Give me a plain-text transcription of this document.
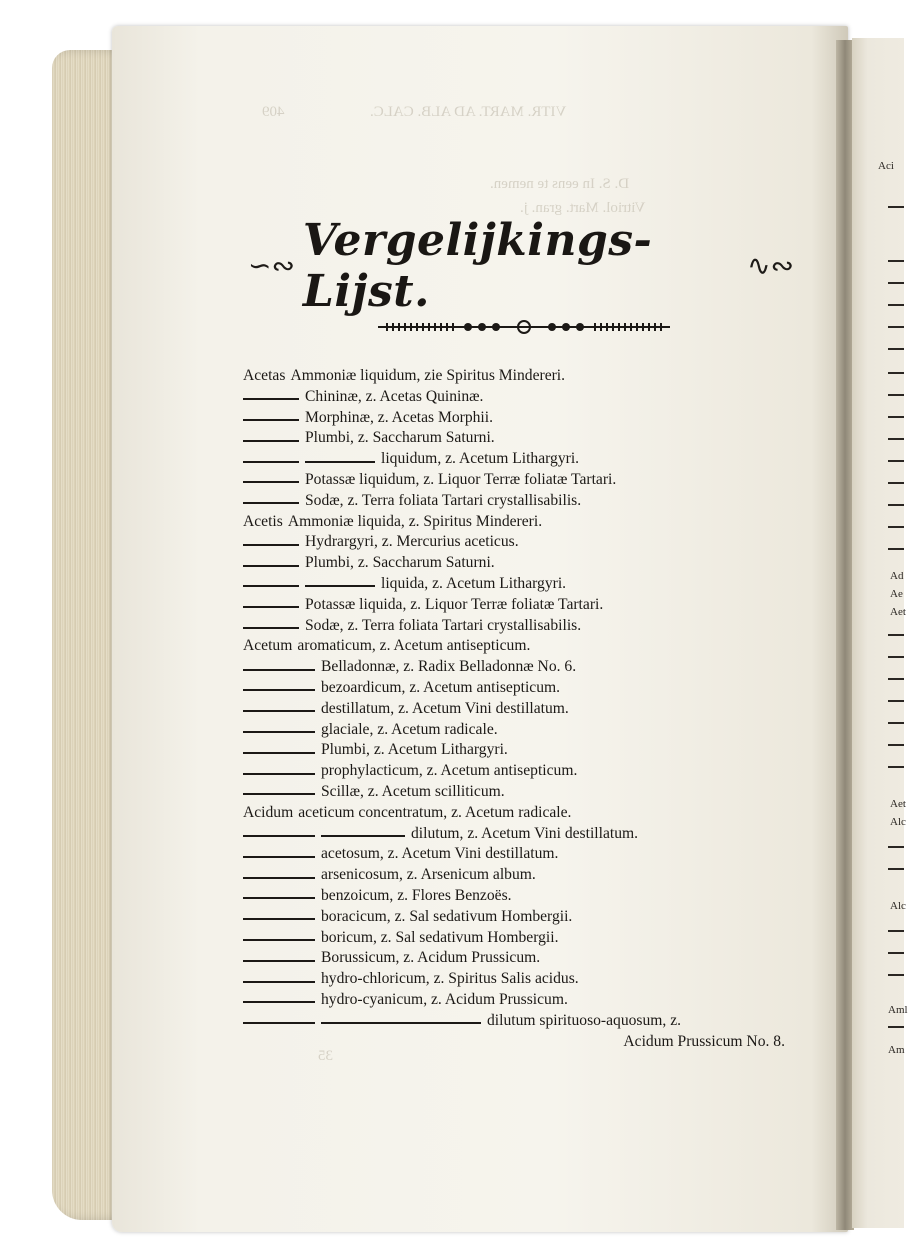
VITR. MART. AD ALB. CALC.
409
D. S. In eens te nemen.
Vitriol. Mart. gran. j.
35
Aci
Ad
Ae
Aet
Aet
Alc
Alc
Aml
Am
∽∾
Vergelijkings-Lijst.	∿∾
Acetas Ammoniæ liquidum, zie Spiritus Mindereri.
Chininæ, z. Acetas Quininæ.
Morphinæ, z. Acetas Morphii.
Plumbi, z. Saccharum Saturni.
liquidum, z. Acetum Lithargyri.
Potassæ liquidum, z. Liquor Terræ foliatæ Tartari.
Sodæ, z. Terra foliata Tartari crystallisabilis.
Acetis Ammoniæ liquida, z. Spiritus Mindereri.
Hydrargyri, z. Mercurius aceticus.
Plumbi, z. Saccharum Saturni.
liquida, z. Acetum Lithargyri.
Potassæ liquida, z. Liquor Terræ foliatæ Tartari.
Sodæ, z. Terra foliata Tartari crystallisabilis.
Acetum aromaticum, z. Acetum antisepticum.
Belladonnæ, z. Radix Belladonnæ No. 6.
bezoardicum, z. Acetum antisepticum.
destillatum, z. Acetum Vini destillatum.
glaciale, z. Acetum radicale.
Plumbi, z. Acetum Lithargyri.
prophylacticum, z. Acetum antisepticum.
Scillæ, z. Acetum scilliticum.
Acidum aceticum concentratum, z. Acetum radicale.
dilutum, z. Acetum Vini destillatum.
acetosum, z. Acetum Vini destillatum.
arsenicosum, z. Arsenicum album.
benzoicum, z. Flores Benzoës.
boracicum, z. Sal sedativum Hombergii.
boricum, z. Sal sedativum Hombergii.
Borussicum, z. Acidum Prussicum.
hydro-chloricum, z. Spiritus Salis acidus.
hydro-cyanicum, z. Acidum Prussicum.
dilutum spirituoso-aquosum, z.
Acidum Prussicum No. 8.
